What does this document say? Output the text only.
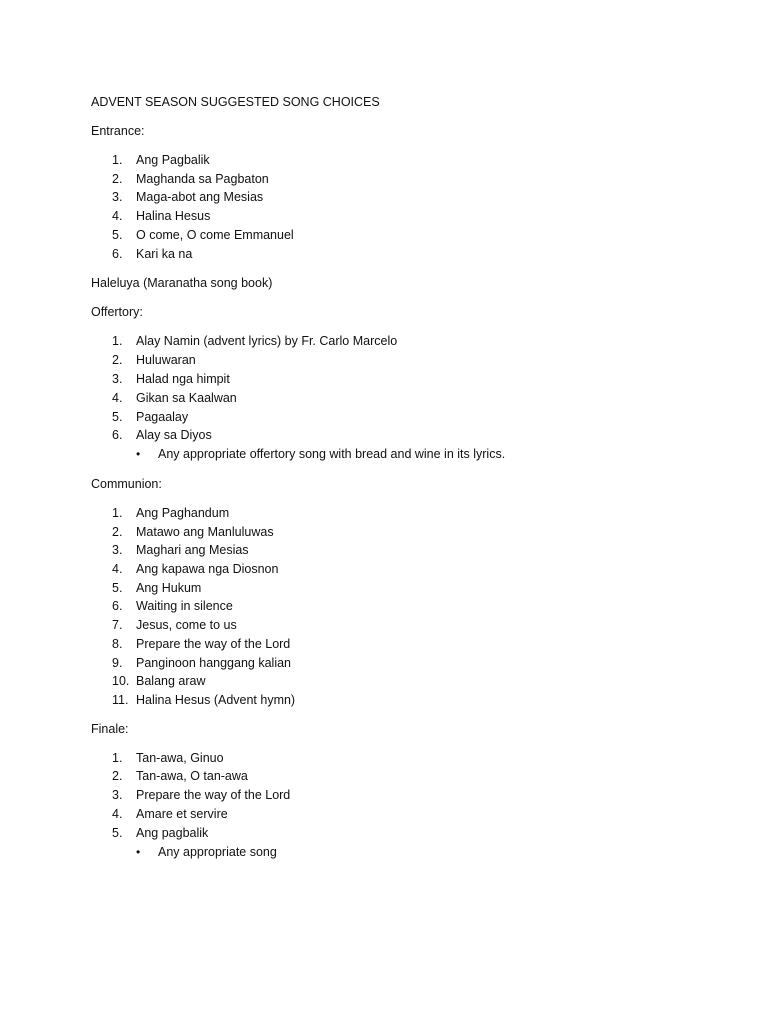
ADVENT SEASON SUGGESTED SONG CHOICES
Entrance:
1. Ang Pagbalik
2. Maghanda sa Pagbaton
3. Maga-abot ang Mesias
4. Halina Hesus
5. O come, O come Emmanuel
6. Kari ka na
Haleluya (Maranatha song book)
Offertory:
1. Alay Namin (advent lyrics) by Fr. Carlo Marcelo
2. Huluwaran
3. Halad nga himpit
4. Gikan sa Kaalwan
5. Pagaalay
6. Alay sa Diyos
• Any appropriate offertory song with bread and wine in its lyrics.
Communion:
1. Ang Paghandum
2. Matawo ang Manluluwas
3. Maghari ang Mesias
4. Ang kapawa nga Diosnon
5. Ang Hukum
6. Waiting in silence
7. Jesus, come to us
8. Prepare the way of the Lord
9. Panginoon hanggang kalian
10. Balang araw
11. Halina Hesus (Advent hymn)
Finale:
1. Tan-awa, Ginuo
2. Tan-awa, O tan-awa
3. Prepare the way of the Lord
4. Amare et servire
5. Ang pagbalik
• Any appropriate song
